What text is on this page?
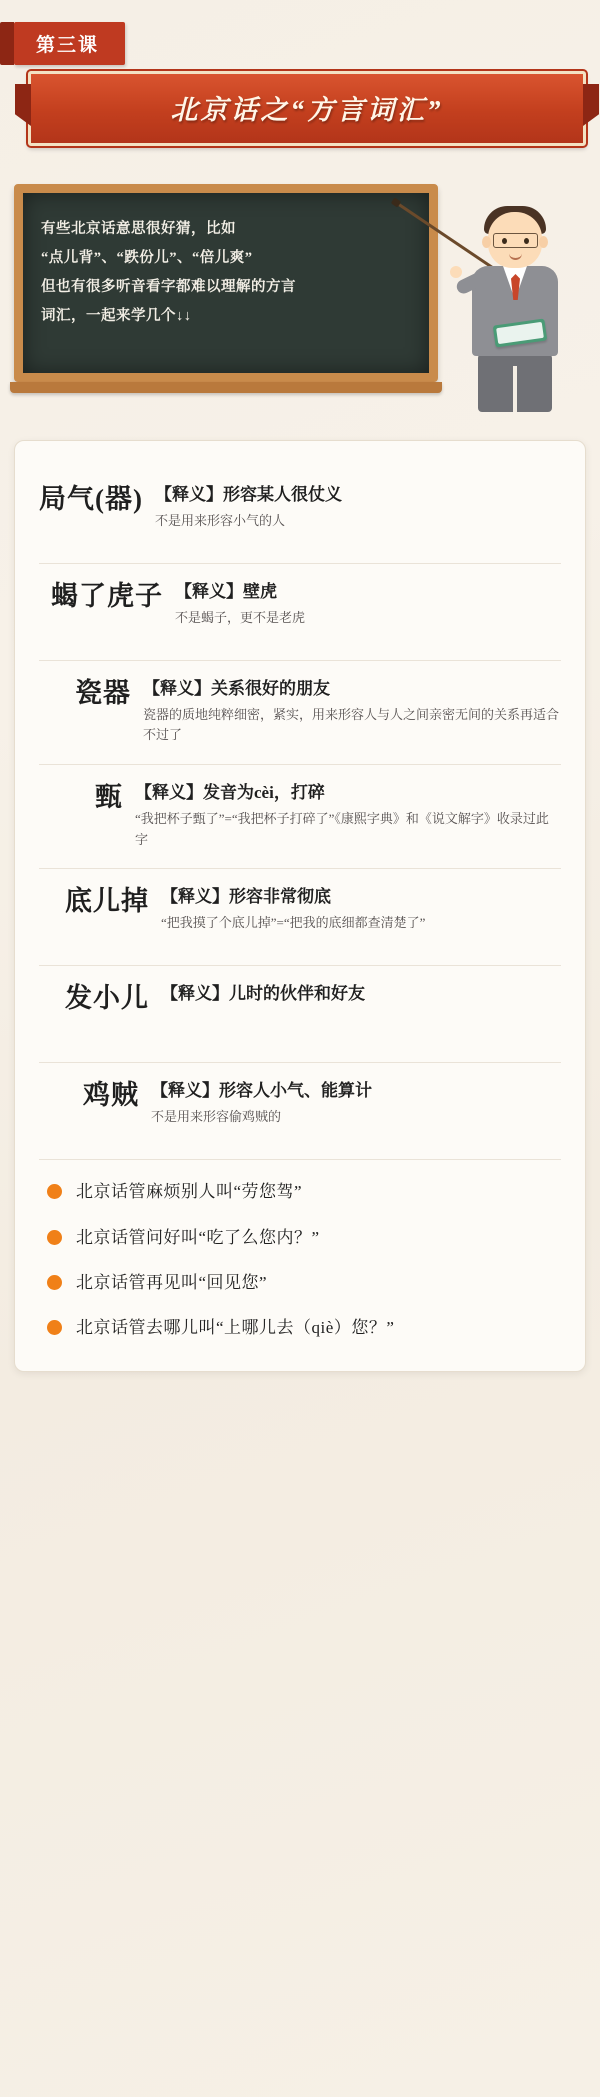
第三课
北京话之“方言词汇”
有些北京话意思很好猜，比如
“点儿背”、“跌份儿”、“倍儿爽”
但也有很多听音看字都难以理解的方言
词汇，一起来学几个↓↓
局气(器) 【释义】形容某人很仗义
不是用来形容小气的人
蝎了虎子 【释义】壁虎
不是蝎子，更不是老虎
瓷器 【释义】关系很好的朋友
瓷器的质地纯粹细密，紧实，用来形容人与人之间亲密无间的关系再适合不过了
甄 【释义】发音为cèi，打碎
“我把杯子甄了”=“我把杯子打碎了”《康熙字典》和《说文解字》收录过此字
底儿掉 【释义】形容非常彻底
“把我摸了个底儿掉”=“把我的底细都查清楚了”
发小儿 【释义】儿时的伙伴和好友
鸡贼 【释义】形容人小气、能算计
不是用来形容偷鸡贼的
北京话管麻烦别人叫“劳您驾”
北京话管问好叫“吃了么您内？”
北京话管再见叫“回见您”
北京话管去哪儿叫“上哪儿去（qiè）您？”
